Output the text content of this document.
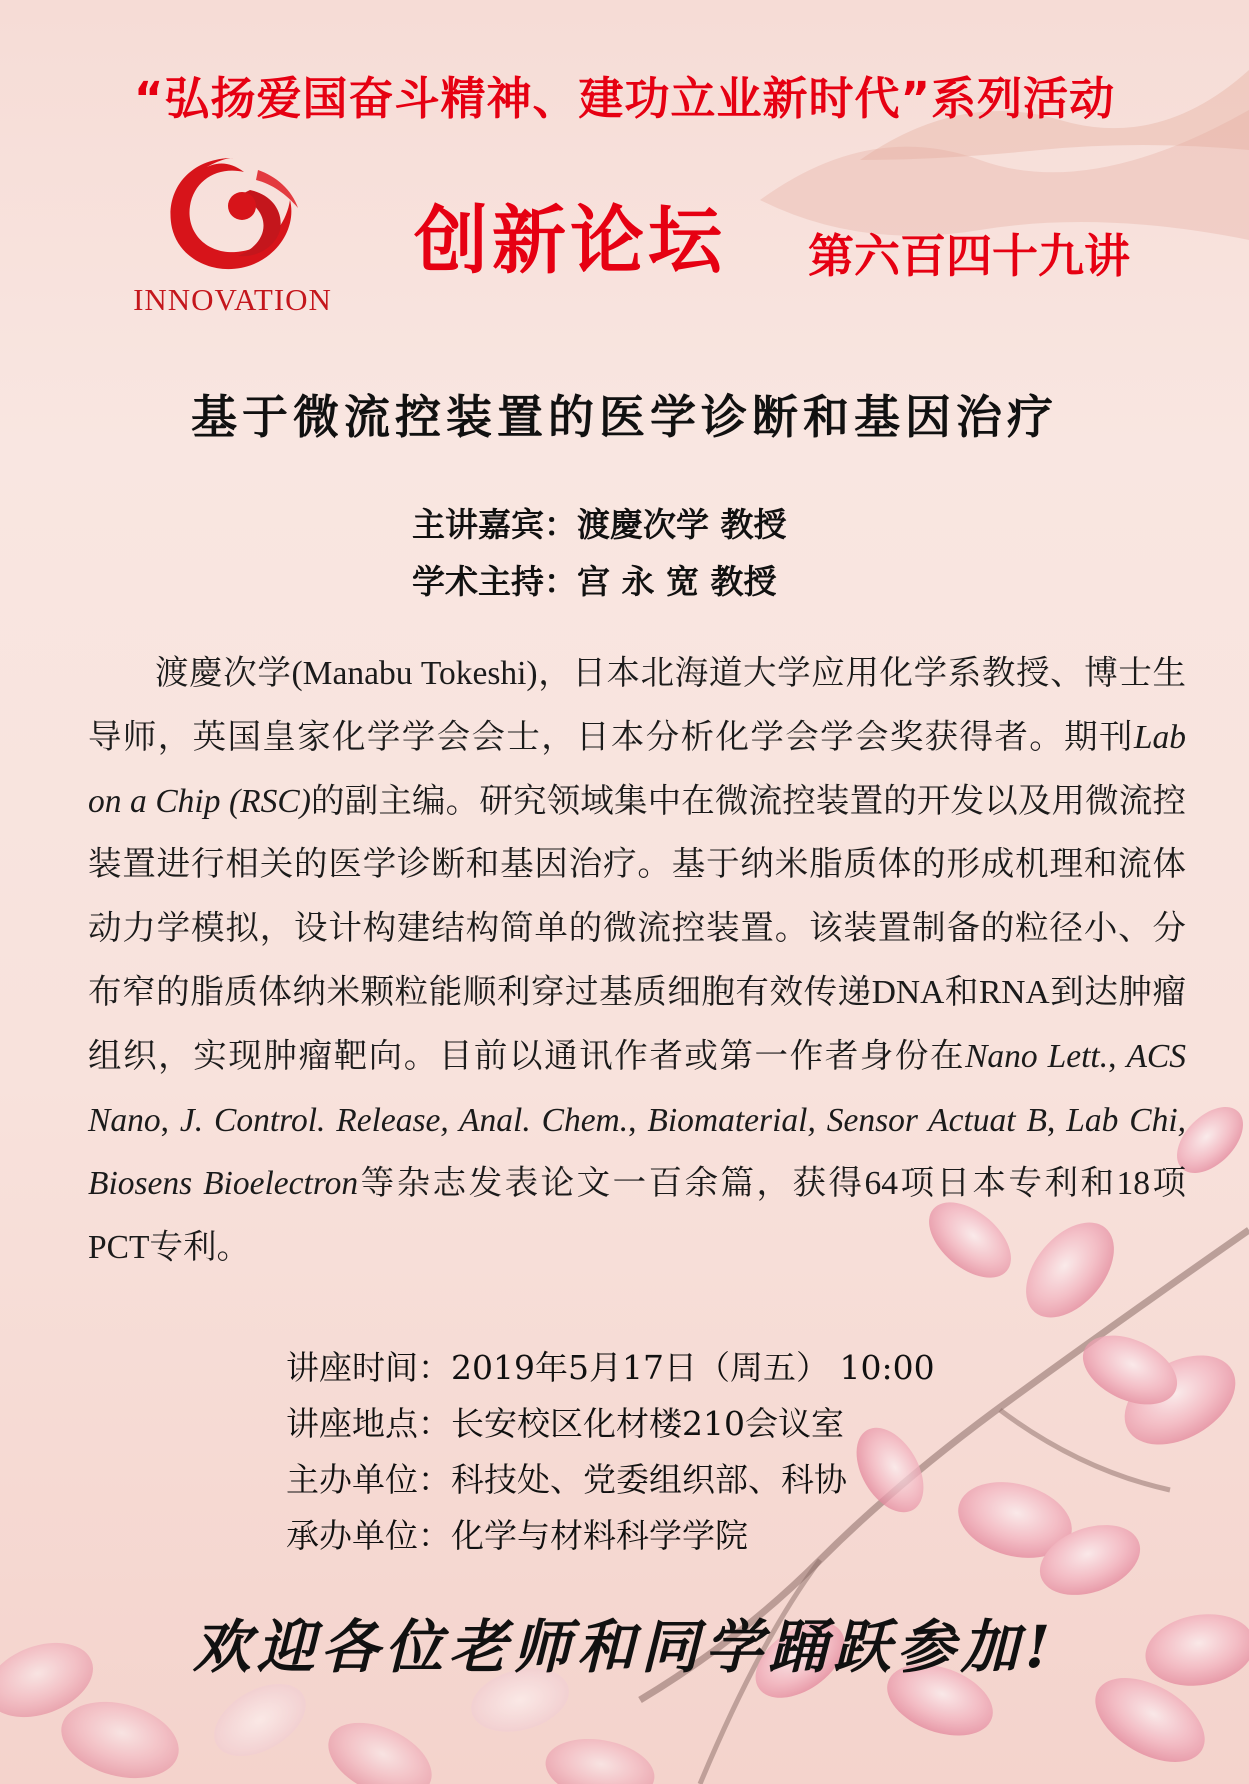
“弘扬爱国奋斗精神、建功立业新时代”系列活动
INNOVATION
创新论坛 第六百四十九讲
基于微流控装置的医学诊断和基因治疗
主讲嘉宾：渡慶次学 教授
学术主持：宫 永 宽 教授

渡慶次学(Manabu Tokeshi)，日本北海道大学应用化学系教授、博士生导师，英国皇家化学学会会士，日本分析化学会学会奖获得者。期刊Lab on a Chip (RSC)的副主编。研究领域集中在微流控装置的开发以及用微流控装置进行相关的医学诊断和基因治疗。基于纳米脂质体的形成机理和流体动力学模拟，设计构建结构简单的微流控装置。该装置制备的粒径小、分布窄的脂质体纳米颗粒能顺利穿过基质细胞有效传递DNA和RNA到达肿瘤组织，实现肿瘤靶向。目前以通讯作者或第一作者身份在Nano Lett., ACS Nano, J. Control. Release, Anal. Chem., Biomaterial, Sensor Actuat B, Lab Chi, Biosens Bioelectron等杂志发表论文一百余篇，获得64项日本专利和18项PCT专利。

讲座时间：2019年5月17日（周五） 10:00
讲座地点：长安校区化材楼210会议室
主办单位：科技处、党委组织部、科协
承办单位：化学与材料科学学院
欢迎各位老师和同学踊跃参加!
